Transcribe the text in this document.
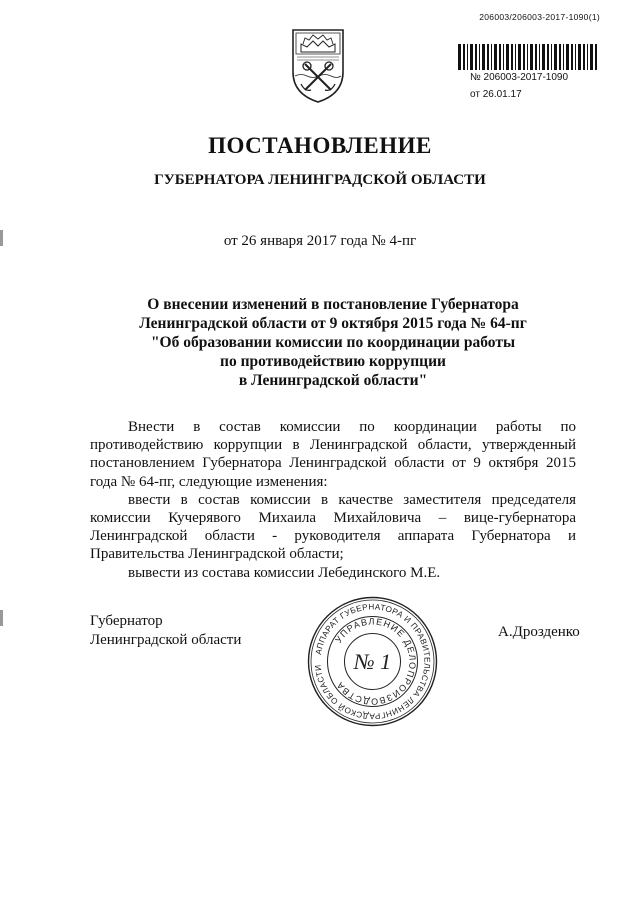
206003/206003-2017-1090(1)
№ 206003-2017-1090
от 26.01.17
ПОСТАНОВЛЕНИЕ
ГУБЕРНАТОРА ЛЕНИНГРАДСКОЙ ОБЛАСТИ
от 26 января 2017 года № 4-пг
О внесении изменений в постановление Губернатора
Ленинградской области от 9 октября 2015 года № 64-пг
"Об образовании комиссии по координации работы
по противодействию коррупции
в Ленинградской области"

Внести в состав комиссии по координации работы по противодействию коррупции в Ленинградской области, утвержденный постановлением Губернатора Ленинградской области от 9 октября 2015 года № 64-пг, следующие изменения:

ввести в состав комиссии в качестве заместителя председателя комиссии Кучерявого Михаила Михайловича – вице-губернатора Ленинградской области - руководителя аппарата Губернатора и Правительства Ленинградской области;

вывести из состава комиссии Лебединского М.Е.

Губернатор
Ленинградской области	А.Дрозденко
АППАРАТ ГУБЕРНАТОРА И ПРАВИТЕЛЬСТВА ЛЕНИНГРАДСКОЙ ОБЛАСТИ
УПРАВЛЕНИЕ ДЕЛОПРОИЗВОДСТВА
№ 1
